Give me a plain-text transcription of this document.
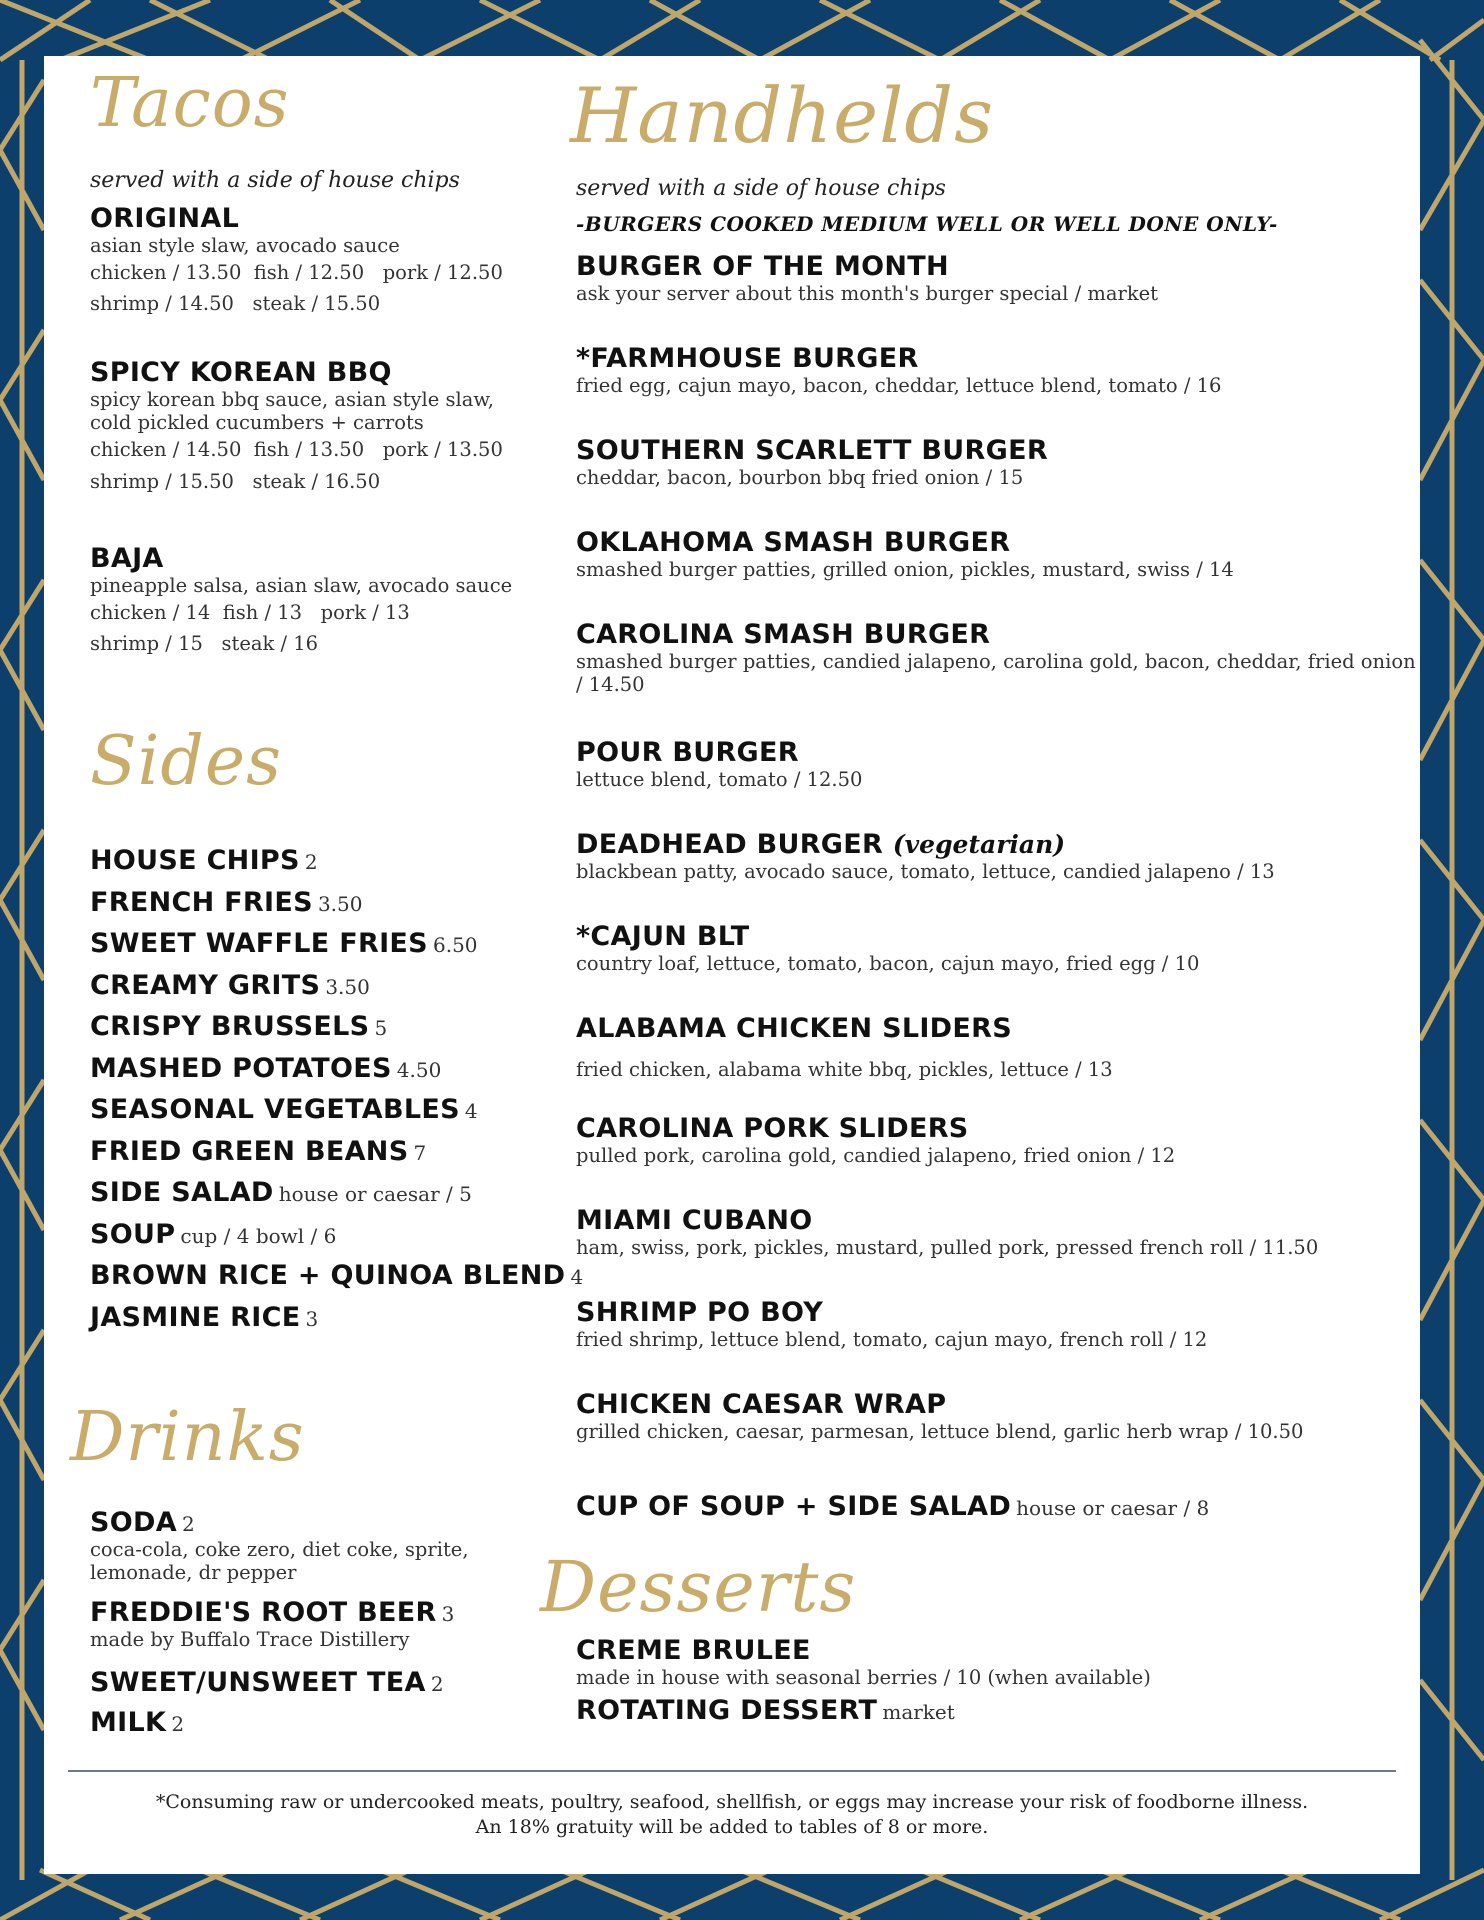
Tacos
served with a side of house chips
ORIGINAL
asian style slaw, avocado sauce
chicken / 13.50  fish / 12.50   pork / 12.50
shrimp / 14.50   steak / 15.50
SPICY KOREAN BBQ
spicy korean bbq sauce, asian style slaw, cold pickled cucumbers + carrots
chicken / 14.50  fish / 13.50   pork / 13.50
shrimp / 15.50   steak / 16.50
BAJA
pineapple salsa, asian slaw, avocado sauce
chicken / 14  fish / 13   pork / 13
shrimp / 15   steak / 16
Sides
HOUSE CHIPS 2
FRENCH FRIES 3.50
SWEET WAFFLE FRIES 6.50
CREAMY GRITS 3.50
CRISPY BRUSSELS 5
MASHED POTATOES 4.50
SEASONAL VEGETABLES 4
FRIED GREEN BEANS 7
SIDE SALAD house or caesar / 5
SOUP cup / 4 bowl / 6
BROWN RICE + QUINOA BLEND 4
JASMINE RICE 3
Drinks
SODA 2
coca-cola, coke zero, diet coke, sprite, lemonade, dr pepper
FREDDIE'S ROOT BEER 3
made by Buffalo Trace Distillery
SWEET/UNSWEET TEA 2
MILK 2
Handhelds
served with a side of house chips
-BURGERS COOKED MEDIUM WELL OR WELL DONE ONLY-
BURGER OF THE MONTH
ask your server about this month's burger special / market
*FARMHOUSE BURGER
fried egg, cajun mayo, bacon, cheddar, lettuce blend, tomato / 16
SOUTHERN SCARLETT BURGER
cheddar, bacon, bourbon bbq fried onion / 15
OKLAHOMA SMASH BURGER
smashed burger patties, grilled onion, pickles, mustard, swiss / 14
CAROLINA SMASH BURGER
smashed burger patties, candied jalapeno, carolina gold, bacon, cheddar, fried onion / 14.50
POUR BURGER
lettuce blend, tomato / 12.50
DEADHEAD BURGER (vegetarian)
blackbean patty, avocado sauce, tomato, lettuce, candied jalapeno / 13
*CAJUN BLT
country loaf, lettuce, tomato, bacon, cajun mayo, fried egg / 10
ALABAMA CHICKEN SLIDERS
fried chicken, alabama white bbq, pickles, lettuce / 13
CAROLINA PORK SLIDERS
pulled pork, carolina gold, candied jalapeno, fried onion / 12
MIAMI CUBANO
ham, swiss, pork, pickles, mustard, pulled pork, pressed french roll / 11.50
SHRIMP PO BOY
fried shrimp, lettuce blend, tomato, cajun mayo, french roll / 12
CHICKEN CAESAR WRAP
grilled chicken, caesar, parmesan, lettuce blend, garlic herb wrap / 10.50
CUP OF SOUP + SIDE SALAD house or caesar / 8
Desserts
CREME BRULEE
made in house with seasonal berries / 10 (when available)
ROTATING DESSERT market
*Consuming raw or undercooked meats, poultry, seafood, shellfish, or eggs may increase your risk of foodborne illness.
An 18% gratuity will be added to tables of 8 or more.
